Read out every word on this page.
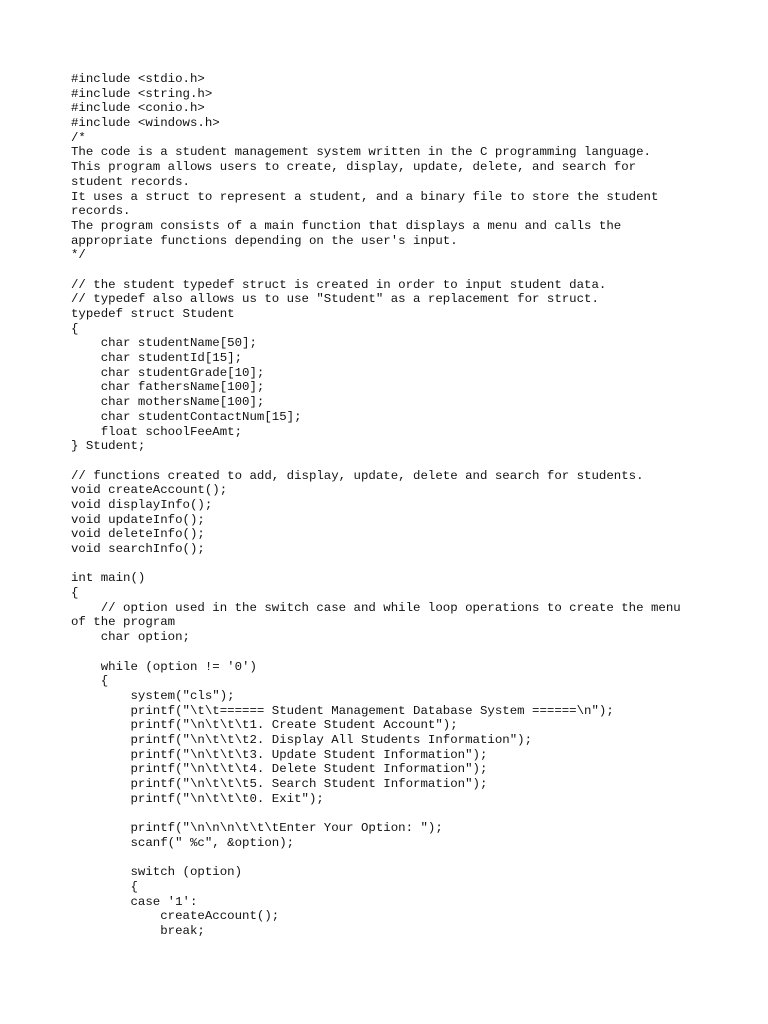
#include <stdio.h>
#include <string.h>
#include <conio.h>
#include <windows.h>
/*
The code is a student management system written in the C programming language.
This program allows users to create, display, update, delete, and search for
student records.
It uses a struct to represent a student, and a binary file to store the student
records.
The program consists of a main function that displays a menu and calls the
appropriate functions depending on the user's input.
*/
// the student typedef struct is created in order to input student data.
// typedef also allows us to use "Student" as a replacement for struct.
typedef struct Student
{
char studentName[50];
char studentId[15];
char studentGrade[10];
char fathersName[100];
char mothersName[100];
char studentContactNum[15];
float schoolFeeAmt;
} Student;
// functions created to add, display, update, delete and search for students.
void createAccount();
void displayInfo();
void updateInfo();
void deleteInfo();
void searchInfo();
int main()
{
// option used in the switch case and while loop operations to create the menu
of the program
char option;
while (option != '0')
{
system("cls");
printf("\t\t====== Student Management Database System ======\n");
printf("\n\t\t\t1. Create Student Account");
printf("\n\t\t\t2. Display All Students Information");
printf("\n\t\t\t3. Update Student Information");
printf("\n\t\t\t4. Delete Student Information");
printf("\n\t\t\t5. Search Student Information");
printf("\n\t\t\t0. Exit");
printf("\n\n\n\t\t\tEnter Your Option: ");
scanf(" %c", &option);
switch (option)
{
case '1':
createAccount();
break;
